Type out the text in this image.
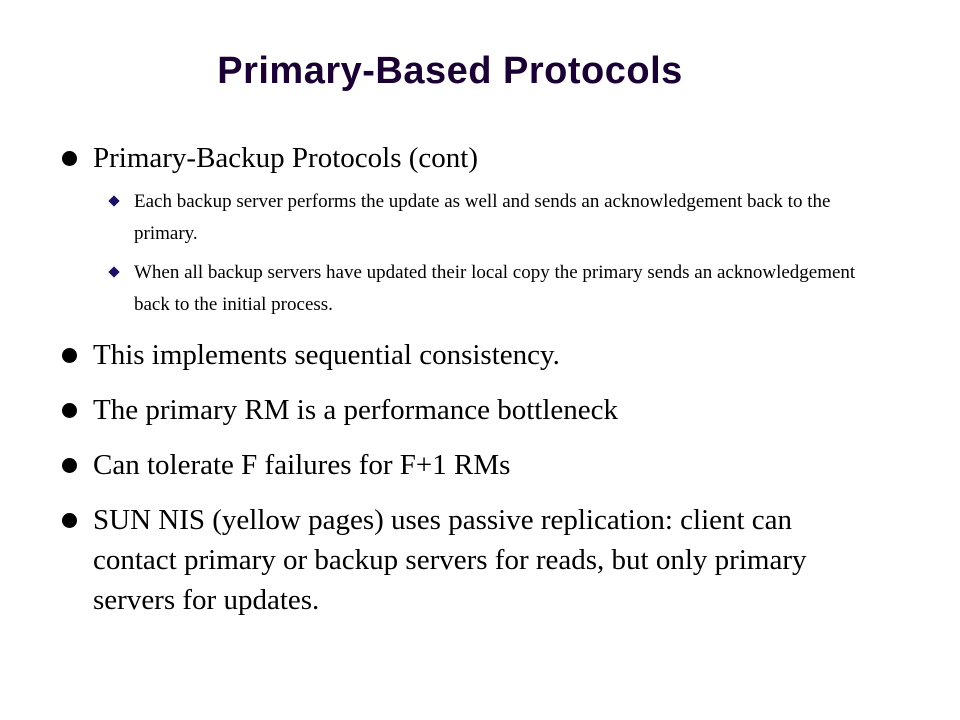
Primary-Based Protocols
Primary-Backup Protocols (cont)
Each backup server performs the update as well and sends an acknowledgement back to the primary.
When all backup servers have updated their local copy the primary sends an acknowledgement back to the initial process.
This implements sequential consistency.
The primary RM is a performance bottleneck
Can tolerate F failures for F+1 RMs
SUN NIS (yellow pages) uses passive replication: client can contact primary or backup servers for reads, but only primary servers for updates.
